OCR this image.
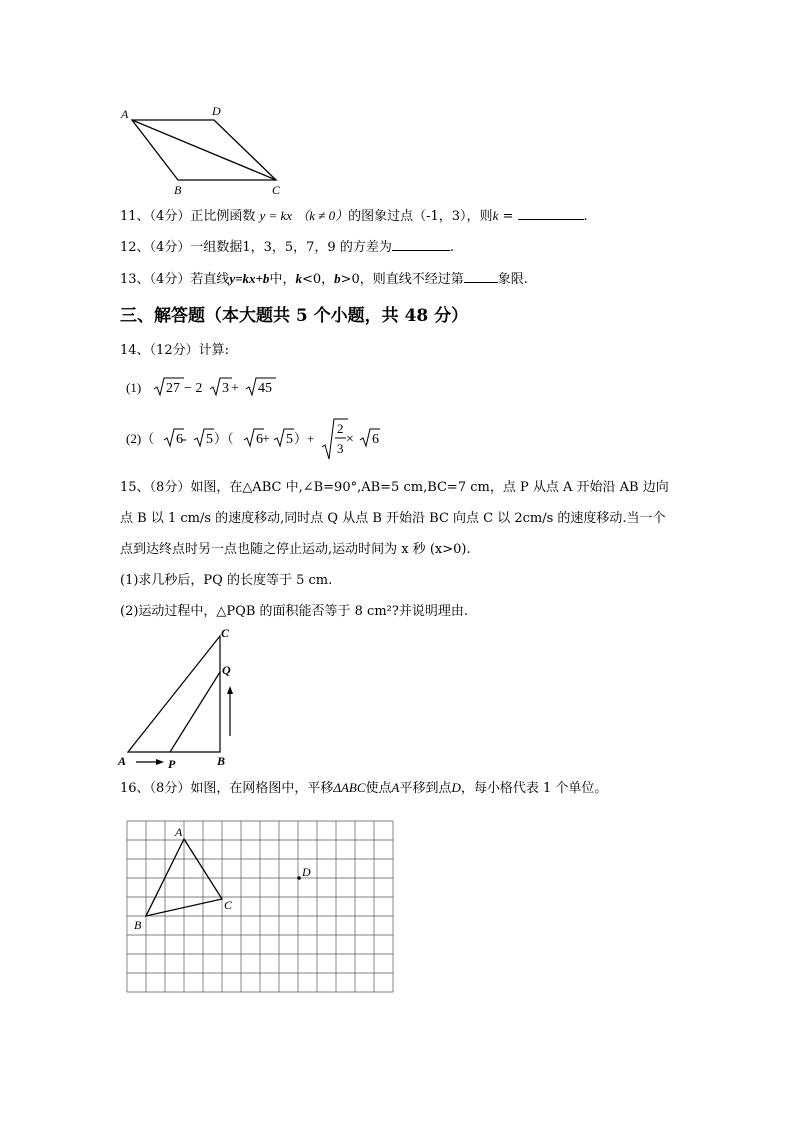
A	D
B	C
11、（4分）正比例函数 y = kx （k ≠ 0）的图象过点（-1，3），则k =	.
12、（4分）一组数据1，3，5，7，9 的方差为	.
13、（4分）若直线y=kx+b中，k<0，b>0，则直线不经过第	象限.
三、解答题（本大题共 5 个小题，共 48 分）
14、（12分）计算:
(1) 27 − 2 3 + 45
(2)（ 6 - 5 ）（ 6 + 5 ）+
2
3
× 6
15、（8分）如图，在△ABC 中,∠B=90°,AB=5 cm,BC=7 cm，点 P 从点 A 开始沿 AB 边向
点 B 以 1 cm/s 的速度移动,同时点 Q 从点 B 开始沿 BC 向点 C 以 2cm/s 的速度移动.当一个
点到达终点时另一点也随之停止运动,运动时间为 x 秒 (x>0).
(1)求几秒后，PQ 的长度等于 5 cm.
(2)运动过程中，△PQB 的面积能否等于 8 cm²?并说明理由.
C
Q
A	P	B
16、（8分）如图，在网格图中，平移ΔABC使点A平移到点D，每小格代表 1 个单位。
A
B
C
D
